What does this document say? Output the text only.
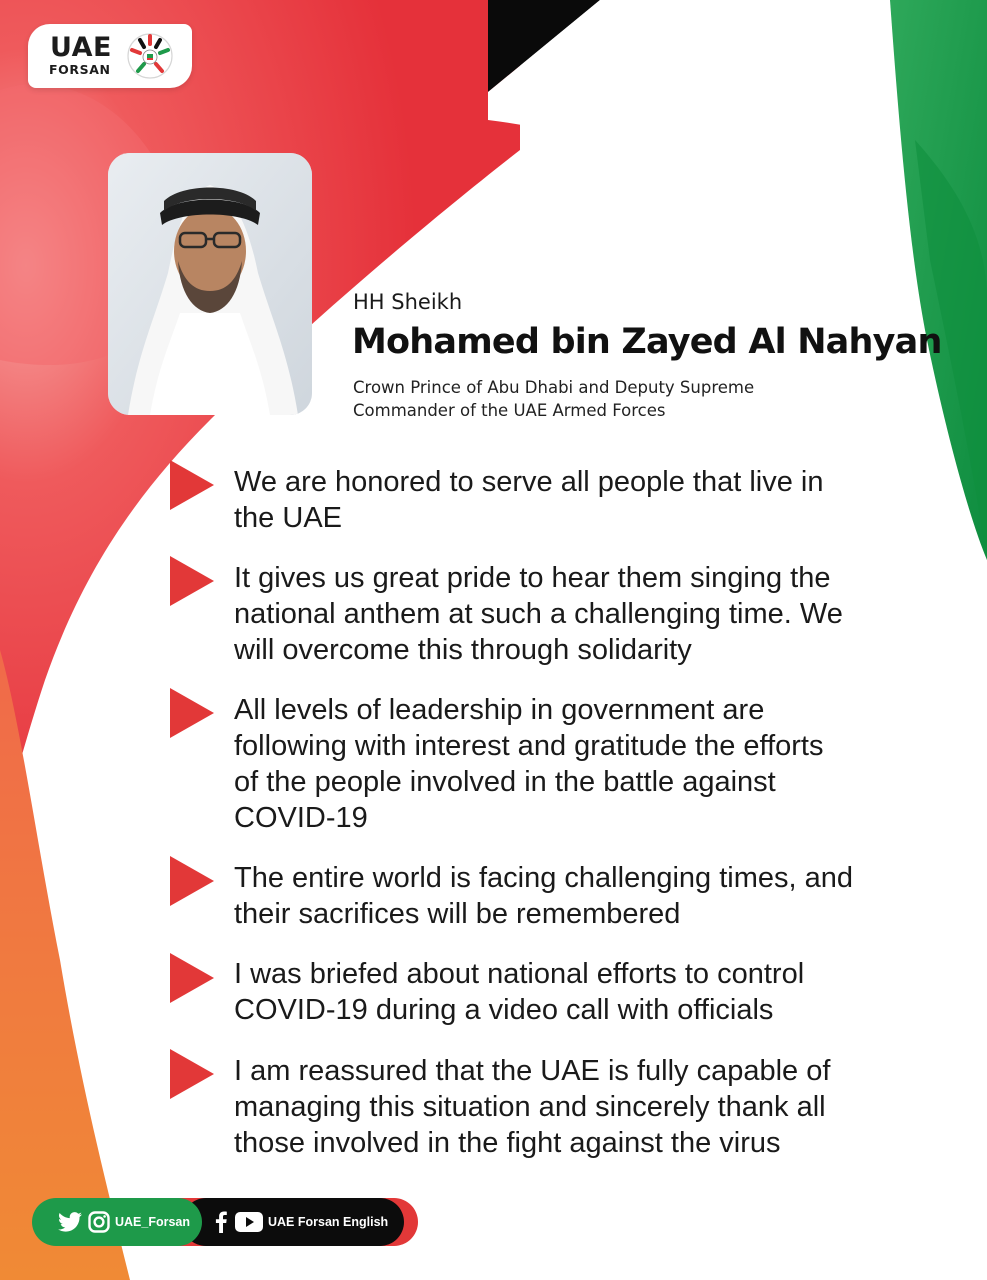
UAE
FORSAN
HH Sheikh
Mohamed bin Zayed Al Nahyan
Crown Prince of Abu Dhabi and Deputy Supreme
Commander of the UAE Armed Forces
We are honored to serve all people that live in
the UAE
It gives us great pride to hear them singing the
national anthem at such a challenging time. We
will overcome this through solidarity
All levels of leadership in government are
following with interest and gratitude the efforts
of the people involved in the battle against
COVID-19
The entire world is facing challenging times, and
their sacrifices will be remembered
I was briefed about national efforts to control
COVID-19 during a video call with officials
I am reassured that the UAE is fully capable of
managing this situation and sincerely thank all
those involved in the fight against the virus
UAE_Forsan	UAE Forsan English
